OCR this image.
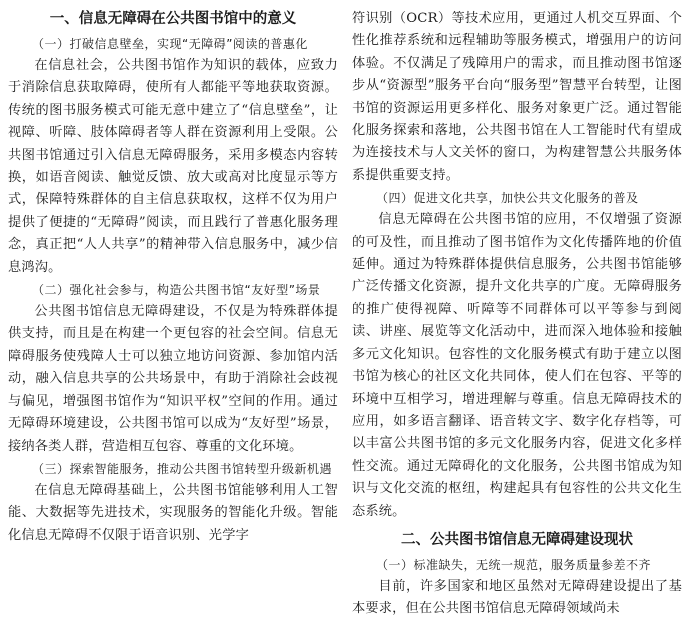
一、信息无障碍在公共图书馆中的意义
（一）打破信息壁垒，实现“无障碍”阅读的普惠化

在信息社会，公共图书馆作为知识的载体，应致力于消除信息获取障碍，使所有人都能平等地获取资源。传统的图书服务模式可能无意中建立了“信息壁垒”，让视障、听障、肢体障碍者等人群在资源利用上受限。公共图书馆通过引入信息无障碍服务，采用多模态内容转换，如语音阅读、触觉反馈、放大或高对比度显示等方式，保障特殊群体的自主信息获取权，这样不仅为用户提供了便捷的“无障碍”阅读，而且践行了普惠化服务理念，真正把“人人共享”的精神带入信息服务中，减少信息鸿沟。

（二）强化社会参与，构造公共图书馆“友好型”场景

公共图书馆信息无障碍建设，不仅是为特殊群体提供支持，而且是在构建一个更包容的社会空间。信息无障碍服务使残障人士可以独立地访问资源、参加馆内活动，融入信息共享的公共场景中，有助于消除社会歧视与偏见，增强图书馆作为“知识平权”空间的作用。通过无障碍环境建设，公共图书馆可以成为“友好型”场景，接纳各类人群，营造相互包容、尊重的文化环境。

（三）探索智能服务，推动公共图书馆转型升级新机遇

在信息无障碍基础上，公共图书馆能够利用人工智能、大数据等先进技术，实现服务的智能化升级。智能化信息无障碍不仅限于语音识别、光学字

符识别（OCR）等技术应用，更通过人机交互界面、个性化推荐系统和远程辅助等服务模式，增强用户的访问体验。不仅满足了残障用户的需求，而且推动图书馆逐步从“资源型”服务平台向“服务型”智慧平台转型，让图书馆的资源运用更多样化、服务对象更广泛。通过智能化服务探索和落地，公共图书馆在人工智能时代有望成为连接技术与人文关怀的窗口，为构建智慧公共服务体系提供重要支持。

（四）促进文化共享，加快公共文化服务的普及

信息无障碍在公共图书馆的应用，不仅增强了资源的可及性，而且推动了图书馆作为文化传播阵地的价值延伸。通过为特殊群体提供信息服务，公共图书馆能够广泛传播文化资源，提升文化共享的广度。无障碍服务的推广使得视障、听障等不同群体可以平等参与到阅读、讲座、展览等文化活动中，进而深入地体验和接触多元文化知识。包容性的文化服务模式有助于建立以图书馆为核心的社区文化共同体，使人们在包容、平等的环境中互相学习，增进理解与尊重。信息无障碍技术的应用，如多语言翻译、语音转文字、数字化存档等，可以丰富公共图书馆的多元文化服务内容，促进文化多样性交流。通过无障碍化的文化服务，公共图书馆成为知识与文化交流的枢纽，构建起具有包容性的公共文化生态系统。

二、公共图书馆信息无障碍建设现状
（一）标准缺失，无统一规范，服务质量参差不齐

目前，许多国家和地区虽然对无障碍建设提出了基本要求，但在公共图书馆信息无障碍领域尚未
